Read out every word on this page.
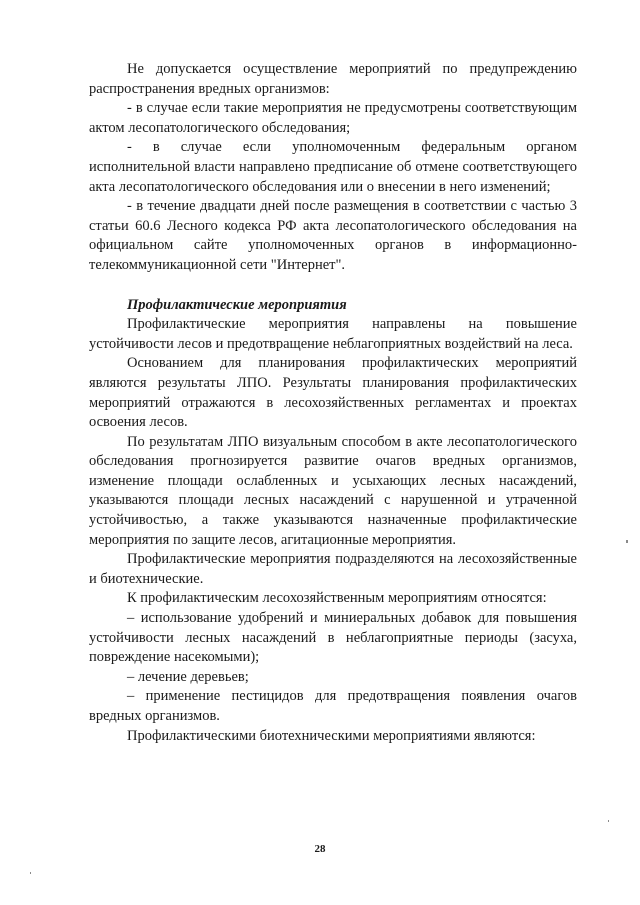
Не допускается осуществление мероприятий по предупреждению распространения вредных организмов:

- в случае если такие мероприятия не предусмотрены соответствующим актом лесопатологического обследования;

- в случае если уполномоченным федеральным органом исполнительной власти направлено предписание об отмене соответствующего акта лесопатологического обследования или о внесении в него изменений;

- в течение двадцати дней после размещения в соответствии с частью 3 статьи 60.6 Лесного кодекса РФ акта лесопатологического обследования на официальном сайте уполномоченных органов в информационно-телекоммуникационной сети "Интернет".

Профилактические мероприятия

Профилактические мероприятия направлены на повышение устойчивости лесов и предотвращение неблагоприятных воздействий на леса.

Основанием для планирования профилактических мероприятий являются результаты ЛПО. Результаты планирования профилактических мероприятий отражаются в лесохозяйственных регламентах и проектах освоения лесов.

По результатам ЛПО визуальным способом в акте лесопатологического обследования прогнозируется развитие очагов вредных организмов, изменение площади ослабленных и усыхающих лесных насаждений, указываются площади лесных насаждений с нарушенной и утраченной устойчивостью, а также указываются назначенные профилактические мероприятия по защите лесов, агитационные мероприятия.

Профилактические мероприятия подразделяются на лесохозяйственные и биотехнические.

К профилактическим лесохозяйственным мероприятиям относятся:

– использование удобрений и миниеральных добавок для повышения устойчивости лесных насаждений в неблагоприятные периоды (засуха, повреждение насекомыми);

– лечение деревьев;

– применение пестицидов для предотвращения появления очагов вредных организмов.

Профилактическими биотехническими мероприятиями являются:

28
